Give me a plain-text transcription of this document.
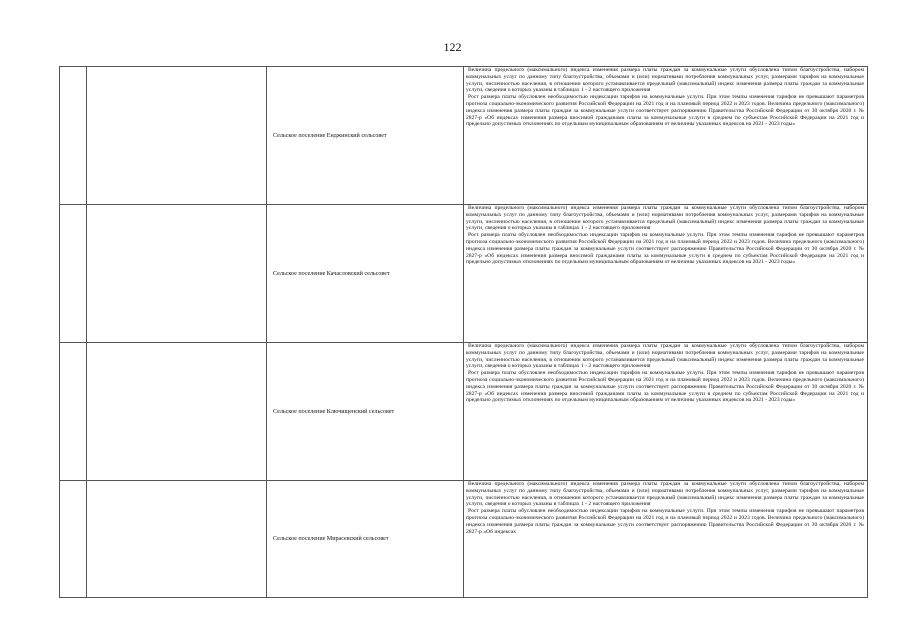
122
		Сельское поселение Енджинский сельсовет	Величина предельного (максимального) индекса изменения размера платы граждан за коммунальные услуги обусловлена типом благоустройства, набором коммунальных услуг по данному типу благоустройства, объемами и (или) нормативами потребления коммунальных услуг, размерами тарифов на коммунальные услуги, численностью населения, в отношении которого устанавливается предельный (максимальный) индекс изменения размера платы граждан за коммунальные услуги, сведения о которых указаны в таблицах 1 - 2 настоящего приложения

Рост размера платы обусловлен необходимостью индексации тарифов на коммунальные услуги. При этом темпы изменения тарифов не превышают параметров прогноза социально-экономического развития Российской Федерации на 2021 год и на плановый период 2022 и 2023 годов. Величина предельного (максимального) индекса изменения размера платы граждан за коммунальные услуги соответствует распоряжению Правительства Российской Федерации от 30 октября 2020 г. № 2827-р «Об индексах изменения размера вносимой гражданами платы за коммунальные услуги в среднем по субъектам Российской Федерации на 2021 год и предельно допустимых отклонениях по отдельным муниципальным образованиям от величины указанных индексов на 2021 - 2023 годы»

		Сельское поселение Качасловский сельсовет	Величина предельного (максимального) индекса изменения размера платы граждан за коммунальные услуги обусловлена типом благоустройства, набором коммунальных услуг по данному типу благоустройства, объемами и (или) нормативами потребления коммунальных услуг, размерами тарифов на коммунальные услуги, численностью населения, в отношении которого устанавливается предельный (максимальный) индекс изменения размера платы граждан за коммунальные услуги, сведения о которых указаны в таблицах 1 - 2 настоящего приложения

Рост размера платы обусловлен необходимостью индексации тарифов на коммунальные услуги. При этом темпы изменения тарифов не превышают параметров прогноза социально-экономического развития Российской Федерации на 2021 год и на плановый период 2022 и 2023 годов. Величина предельного (максимального) индекса изменения размера платы граждан за коммунальные услуги соответствует распоряжению Правительства Российской Федерации от 30 октября 2020 г. № 2827-р «Об индексах изменения размера вносимой гражданами платы за коммунальные услуги в среднем по субъектам Российской Федерации на 2021 год и предельно допустимых отклонениях по отдельным муниципальным образованиям от величины указанных индексов на 2021 - 2023 годы»

		Сельское поселение Ключищенский сельсовет	Величина предельного (максимального) индекса изменения размера платы граждан за коммунальные услуги обусловлена типом благоустройства, набором коммунальных услуг по данному типу благоустройства, объемами и (или) нормативами потребления коммунальных услуг, размерами тарифов на коммунальные услуги, численностью населения, в отношении которого устанавливается предельный (максимальный) индекс изменения размера платы граждан за коммунальные услуги, сведения о которых указаны в таблицах 1 - 2 настоящего приложения

Рост размера платы обусловлен необходимостью индексации тарифов на коммунальные услуги. При этом темпы изменения тарифов не превышают параметров прогноза социально-экономического развития Российской Федерации на 2021 год и на плановый период 2022 и 2023 годов. Величина предельного (максимального) индекса изменения размера платы граждан за коммунальные услуги соответствует распоряжению Правительства Российской Федерации от 30 октября 2020 г. № 2827-р «Об индексах изменения размера вносимой гражданами платы за коммунальные услуги в среднем по субъектам Российской Федерации на 2021 год и предельно допустимых отклонениях по отдельным муниципальным образованиям от величины указанных индексов на 2021 - 2023 годы»

		Сельское поселение Мирасевский сельсовет	Величина предельного (максимального) индекса изменения размера платы граждан за коммунальные услуги обусловлена типом благоустройства, набором коммунальных услуг по данному типу благоустройства, объемами и (или) нормативами потребления коммунальных услуг, размерами тарифов на коммунальные услуги, численностью населения, в отношении которого устанавливается предельный (максимальный) индекс изменения размера платы граждан за коммунальные услуги, сведения о которых указаны в таблицах 1 - 2 настоящего приложения

Рост размера платы обусловлен необходимостью индексации тарифов на коммунальные услуги. При этом темпы изменения тарифов не превышают параметров прогноза социально-экономического развития Российской Федерации на 2021 год и на плановый период 2022 и 2023 годов. Величина предельного (максимального) индекса изменения размера платы граждан за коммунальные услуги соответствует распоряжению Правительства Российской Федерации от 30 октября 2020 г. № 2827-р «Об индексах
